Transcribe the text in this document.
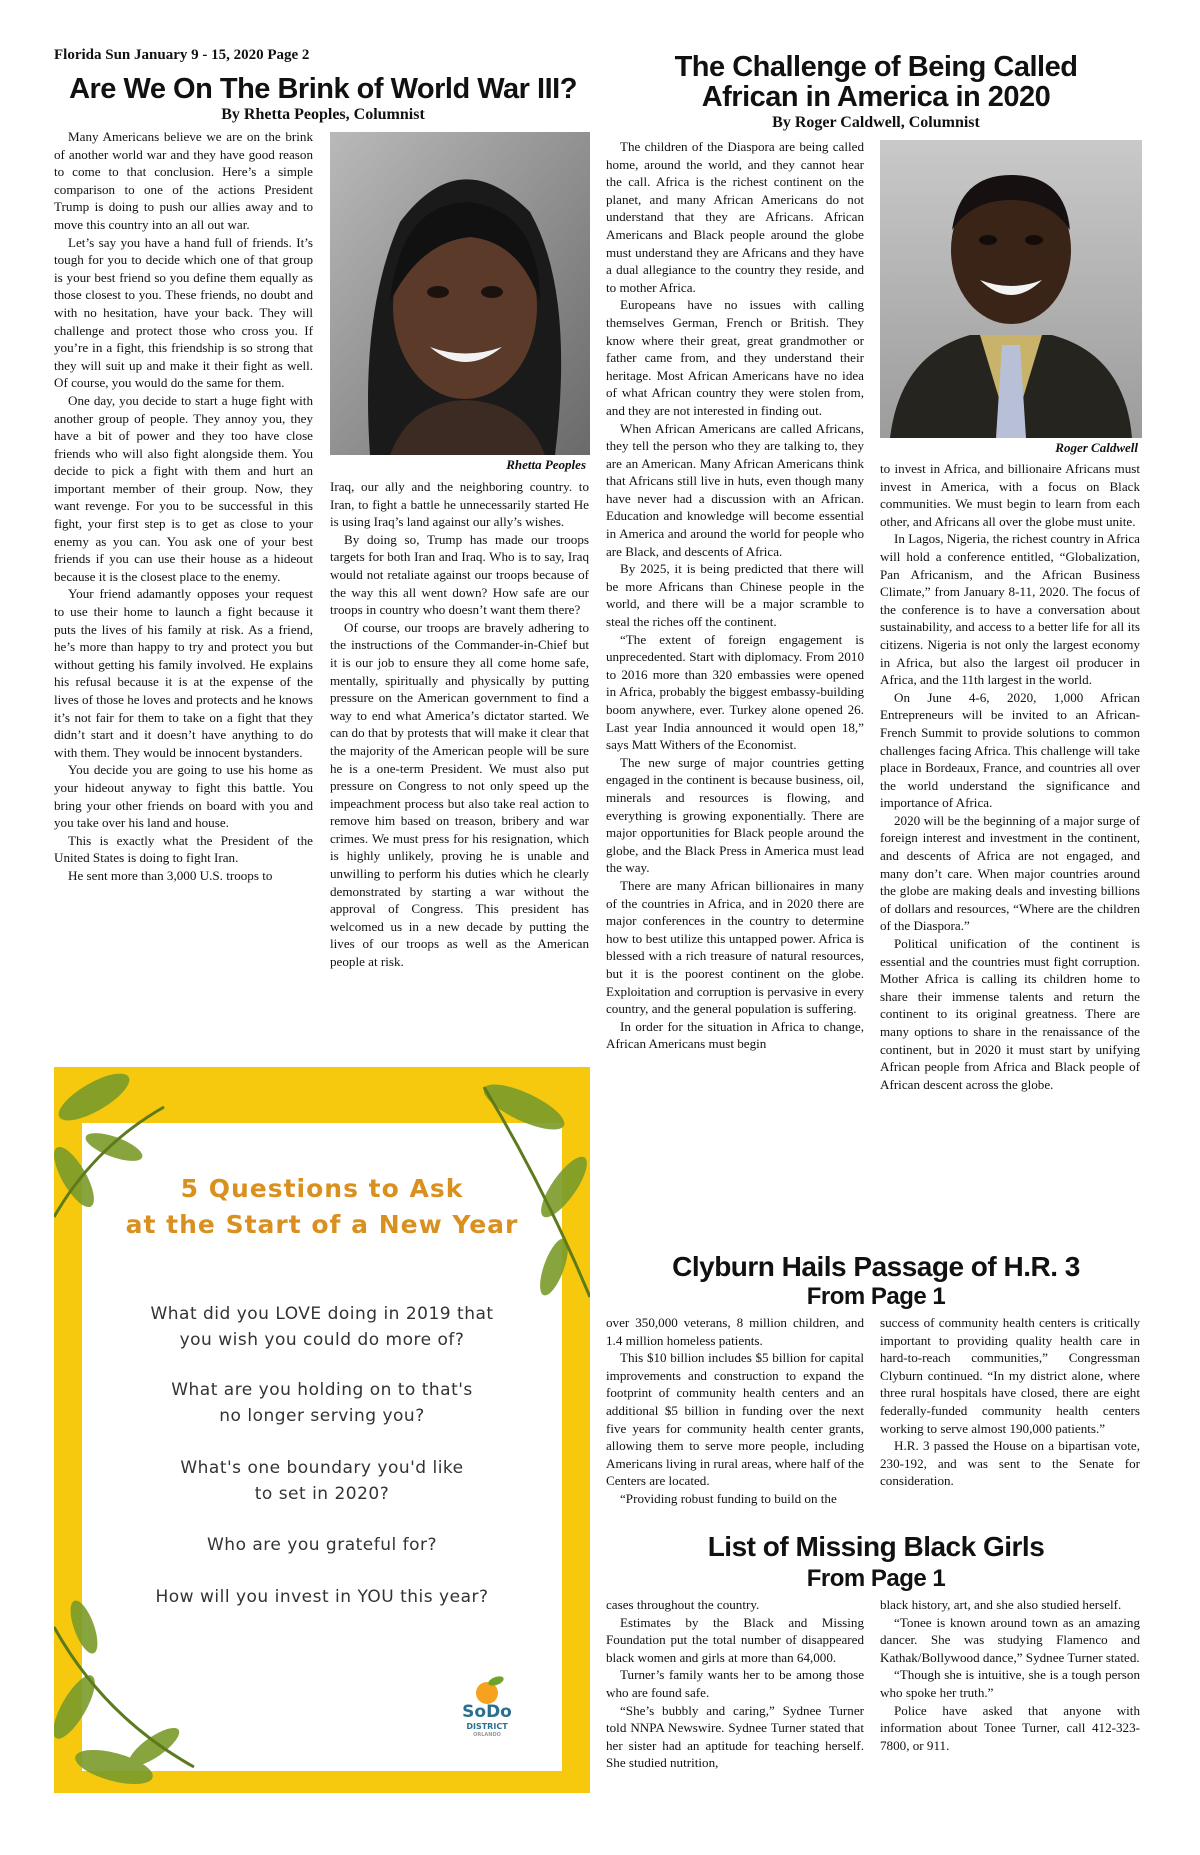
Florida Sun January 9 - 15, 2020 Page 2
Are We On The Brink of World War III?
By Rhetta Peoples, Columnist

Many Americans believe we are on the brink of another world war and they have good reason to come to that conclusion. Here’s a simple comparison to one of the actions President Trump is doing to push our allies away and to move this country into an all out war.

Let’s say you have a hand full of friends. It’s tough for you to decide which one of that group is your best friend so you define them equally as those closest to you. These friends, no doubt and with no hesitation, have your back. They will challenge and protect those who cross you. If you’re in a fight, this friendship is so strong that they will suit up and make it their fight as well. Of course, you would do the same for them.

One day, you decide to start a huge fight with another group of people. They annoy you, they have a bit of power and they too have close friends who will also fight alongside them. You decide to pick a fight with them and hurt an important member of their group. Now, they want revenge. For you to be successful in this fight, your first step is to get as close to your enemy as you can. You ask one of your best friends if you can use their house as a hideout because it is the closest place to the enemy.

Your friend adamantly opposes your request to use their home to launch a fight because it puts the lives of his family at risk. As a friend, he’s more than happy to try and protect you but without getting his family involved. He explains his refusal because it is at the expense of the lives of those he loves and protects and he knows it’s not fair for them to take on a fight that they didn’t start and it doesn’t have anything to do with them. They would be innocent bystanders.

You decide you are going to use his home as your hideout anyway to fight this battle. You bring your other friends on board with you and you take over his land and house.

This is exactly what the President of the United States is doing to fight Iran.

He sent more than 3,000 U.S. troops to

Rhetta Peoples

Iraq, our ally and the neighboring country. to Iran, to fight a battle he unnecessarily started He is using Iraq’s land against our ally’s wishes.

By doing so, Trump has made our troops targets for both Iran and Iraq. Who is to say, Iraq would not retaliate against our troops because of the way this all went down? How safe are our troops in country who doesn’t want them there?

Of course, our troops are bravely adhering to the instructions of the Commander-in-Chief but it is our job to ensure they all come home safe, mentally, spiritually and physically by putting pressure on the American government to find a way to end what America’s dictator started. We can do that by protests that will make it clear that the majority of the American people will be sure he is a one-term President. We must also put pressure on Congress to not only speed up the impeachment process but also take real action to remove him based on treason, bribery and war crimes. We must press for his resignation, which is highly unlikely, proving he is unable and unwilling to perform his duties which he clearly demonstrated by starting a war without the approval of Congress. This president has welcomed us in a new decade by putting the lives of our troops as well as the American people at risk.

The Challenge of Being Called
African in America in 2020
By Roger Caldwell, Columnist

The children of the Diaspora are being called home, around the world, and they cannot hear the call. Africa is the richest continent on the planet, and many African Americans do not understand that they are Africans. African Americans and Black people around the globe must understand they are Africans and they have a dual allegiance to the country they reside, and to mother Africa.

Europeans have no issues with calling themselves German, French or British. They know where their great, great grandmother or father came from, and they understand their heritage. Most African Americans have no idea of what African country they were stolen from, and they are not interested in finding out.

When African Americans are called Africans, they tell the person who they are talking to, they are an American. Many African Americans think that Africans still live in huts, even though many have never had a discussion with an African. Education and knowledge will become essential in America and around the world for people who are Black, and descents of Africa.

By 2025, it is being predicted that there will be more Africans than Chinese people in the world, and there will be a major scramble to steal the riches off the continent.

“The extent of foreign engagement is unprecedented. Start with diplomacy. From 2010 to 2016 more than 320 embassies were opened in Africa, probably the biggest embassy-building boom anywhere, ever. Turkey alone opened 26. Last year India announced it would open 18,” says Matt Withers of the Economist.

The new surge of major countries getting engaged in the continent is because business, oil, minerals and resources is flowing, and everything is growing exponentially. There are major opportunities for Black people around the globe, and the Black Press in America must lead the way.

There are many African billionaires in many of the countries in Africa, and in 2020 there are major conferences in the country to determine how to best utilize this untapped power. Africa is blessed with a rich treasure of natural resources, but it is the poorest continent on the globe. Exploitation and corruption is pervasive in every country, and the general population is suffering.

In order for the situation in Africa to change, African Americans must begin

Roger Caldwell

to invest in Africa, and billionaire Africans must invest in America, with a focus on Black communities. We must begin to learn from each other, and Africans all over the globe must unite.

In Lagos, Nigeria, the richest country in Africa will hold a conference entitled, “Globalization, Pan Africanism, and the African Business Climate,” from January 8-11, 2020. The focus of the conference is to have a conversation about sustainability, and access to a better life for all its citizens. Nigeria is not only the largest economy in Africa, but also the largest oil producer in Africa, and the 11th largest in the world.

On June 4-6, 2020, 1,000 African Entrepreneurs will be invited to an African-French Summit to provide solutions to common challenges facing Africa. This challenge will take place in Bordeaux, France, and countries all over the world understand the significance and importance of Africa.

2020 will be the beginning of a major surge of foreign interest and investment in the continent, and descents of Africa are not engaged, and many don’t care. When major countries around the globe are making deals and investing billions of dollars and resources, “Where are the children of the Diaspora.”

Political unification of the continent is essential and the countries must fight corruption. Mother Africa is calling its children home to share their immense talents and return the continent to its original greatness. There are many options to share in the renaissance of the continent, but in 2020 it must start by unifying African people from Africa and Black people of African descent across the globe.

Clyburn Hails Passage of H.R. 3
From Page 1

over 350,000 veterans, 8 million children, and 1.4 million homeless patients.

This $10 billion includes $5 billion for capital improvements and construction to expand the footprint of community health centers and an additional $5 billion in funding over the next five years for community health center grants, allowing them to serve more people, including Americans living in rural areas, where half of the Centers are located.

“Providing robust funding to build on the

success of community health centers is critically important to providing quality health care in hard-to-reach communities,” Congressman Clyburn continued. “In my district alone, where three rural hospitals have closed, there are eight federally-funded community health centers working to serve almost 190,000 patients.”

H.R. 3 passed the House on a bipartisan vote, 230-192, and was sent to the Senate for consideration.

List of Missing Black Girls
From Page 1

cases throughout the country.

Estimates by the Black and Missing Foundation put the total number of disappeared black women and girls at more than 64,000.

Turner’s family wants her to be among those who are found safe.

“She’s bubbly and caring,” Sydnee Turner told NNPA Newswire. Sydnee Turner stated that her sister had an aptitude for teaching herself. She studied nutrition,

black history, art, and she also studied herself.

“Tonee is known around town as an amazing dancer. She was studying Flamenco and Kathak/Bollywood dance,” Sydnee Turner stated.

“Though she is intuitive, she is a tough person who spoke her truth.”

Police have asked that anyone with information about Tonee Turner, call 412-323-7800, or 911.

5 Questions to Ask
at the Start of a New Year
What did you LOVE doing in 2019 that you wish you could do more of?
What are you holding on to that's no longer serving you?
What's one boundary you'd like to set in 2020?
Who are you grateful for?
How will you invest in YOU this year?
SoDo
DISTRICT
ORLANDO
